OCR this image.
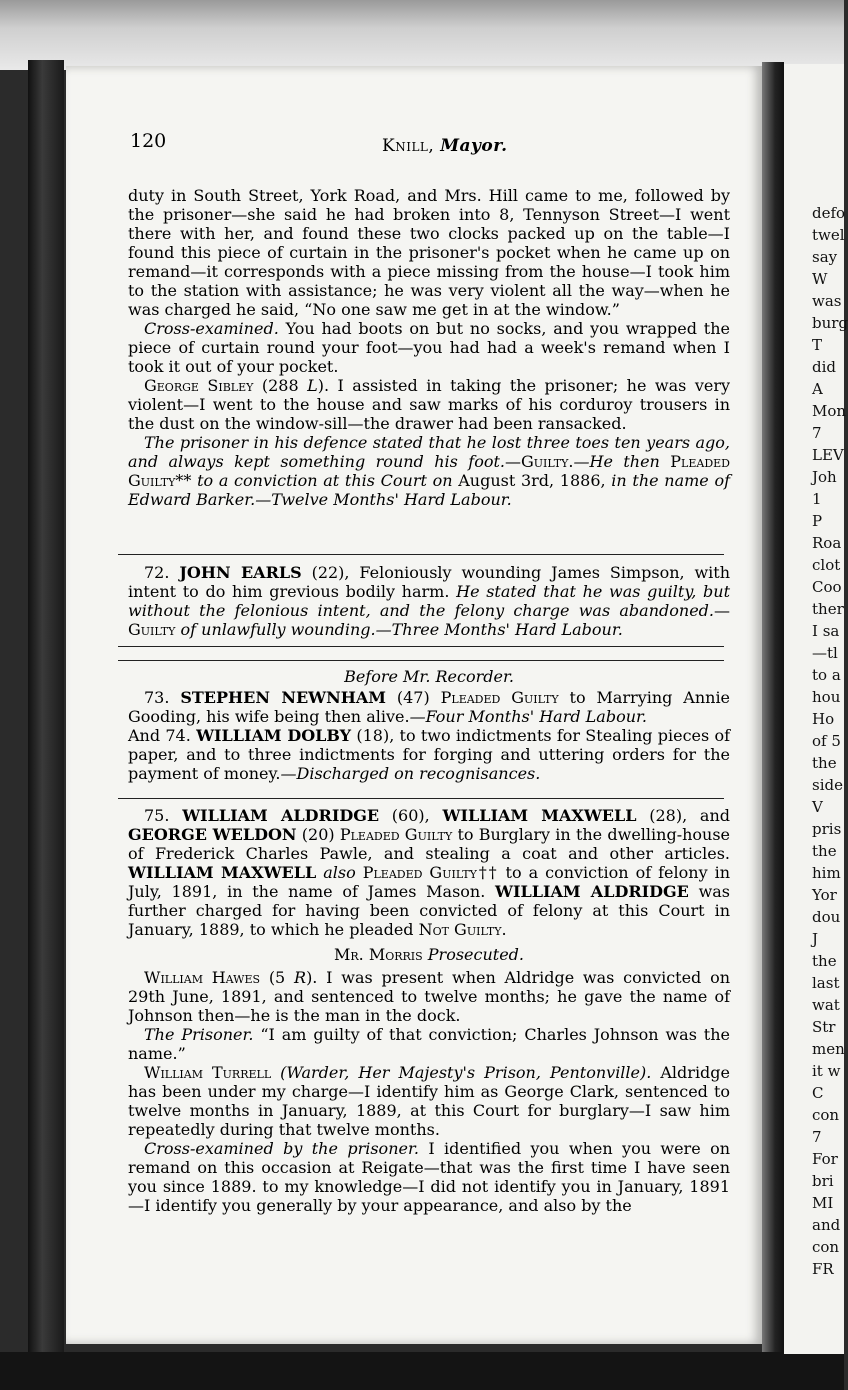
defo
twel
say
W
was
burg
T
did
A
Mon
7
LEV
Joh
1
P
Roa
clot
Coo
ther
I sa
—tl
to a
hou
Ho
of 5
the
side
V
pris
the
him
Yor
dou
J
the
last
wat
Str
men
it w
C
con
7
For
bri
MI
and
con
FR
120	Knill, Mayor.

duty in South Street, York Road, and Mrs. Hill came to me, followed by the prisoner—she said he had broken into 8, Tennyson Street—I went there with her, and found these two clocks packed up on the table—I found this piece of curtain in the prisoner's pocket when he came up on remand—it corresponds with a piece missing from the house—I took him to the station with assistance; he was very violent all the way—when he was charged he said, “No one saw me get in at the window.”

Cross-examined. You had boots on but no socks, and you wrapped the piece of curtain round your foot—you had had a week's remand when I took it out of your pocket.

George Sibley (288 L). I assisted in taking the prisoner; he was very violent—I went to the house and saw marks of his corduroy trousers in the dust on the window-sill—the drawer had been ransacked.

The prisoner in his defence stated that he lost three toes ten years ago, and always kept something round his foot.—Guilty.—He then Pleaded Guilty** to a conviction at this Court on August 3rd, 1886, in the name of Edward Barker.—Twelve Months' Hard Labour.

72. JOHN EARLS (22), Feloniously wounding James Simpson, with intent to do him grevious bodily harm. He stated that he was guilty, but without the felonious intent, and the felony charge was abandoned.—Guilty of unlawfully wounding.—Three Months' Hard Labour.

Before Mr. Recorder.

73. STEPHEN NEWNHAM (47) Pleaded Guilty to Marrying Annie Gooding, his wife being then alive.—Four Months' Hard Labour.

And 74. WILLIAM DOLBY (18), to two indictments for Stealing pieces of paper, and to three indictments for forging and uttering orders for the payment of money.—Discharged on recognisances.

75. WILLIAM ALDRIDGE (60), WILLIAM MAXWELL (28), and GEORGE WELDON (20) Pleaded Guilty to Burglary in the dwelling-house of Frederick Charles Pawle, and stealing a coat and other articles. WILLIAM MAXWELL also Pleaded Guilty†† to a conviction of felony in July, 1891, in the name of James Mason. WILLIAM ALDRIDGE was further charged for having been convicted of felony at this Court in January, 1889, to which he pleaded Not Guilty.

Mr. Morris Prosecuted.

William Hawes (5 R). I was present when Aldridge was convicted on 29th June, 1891, and sentenced to twelve months; he gave the name of Johnson then—he is the man in the dock.

The Prisoner. “I am guilty of that conviction; Charles Johnson was the name.”

William Turrell (Warder, Her Majesty's Prison, Pentonville). Aldridge has been under my charge—I identify him as George Clark, sentenced to twelve months in January, 1889, at this Court for burglary—I saw him repeatedly during that twelve months.

Cross-examined by the prisoner. I identified you when you were on remand on this occasion at Reigate—that was the first time I have seen you since 1889. to my knowledge—I did not identify you in January, 1891—I identify you generally by your appearance, and also by the
